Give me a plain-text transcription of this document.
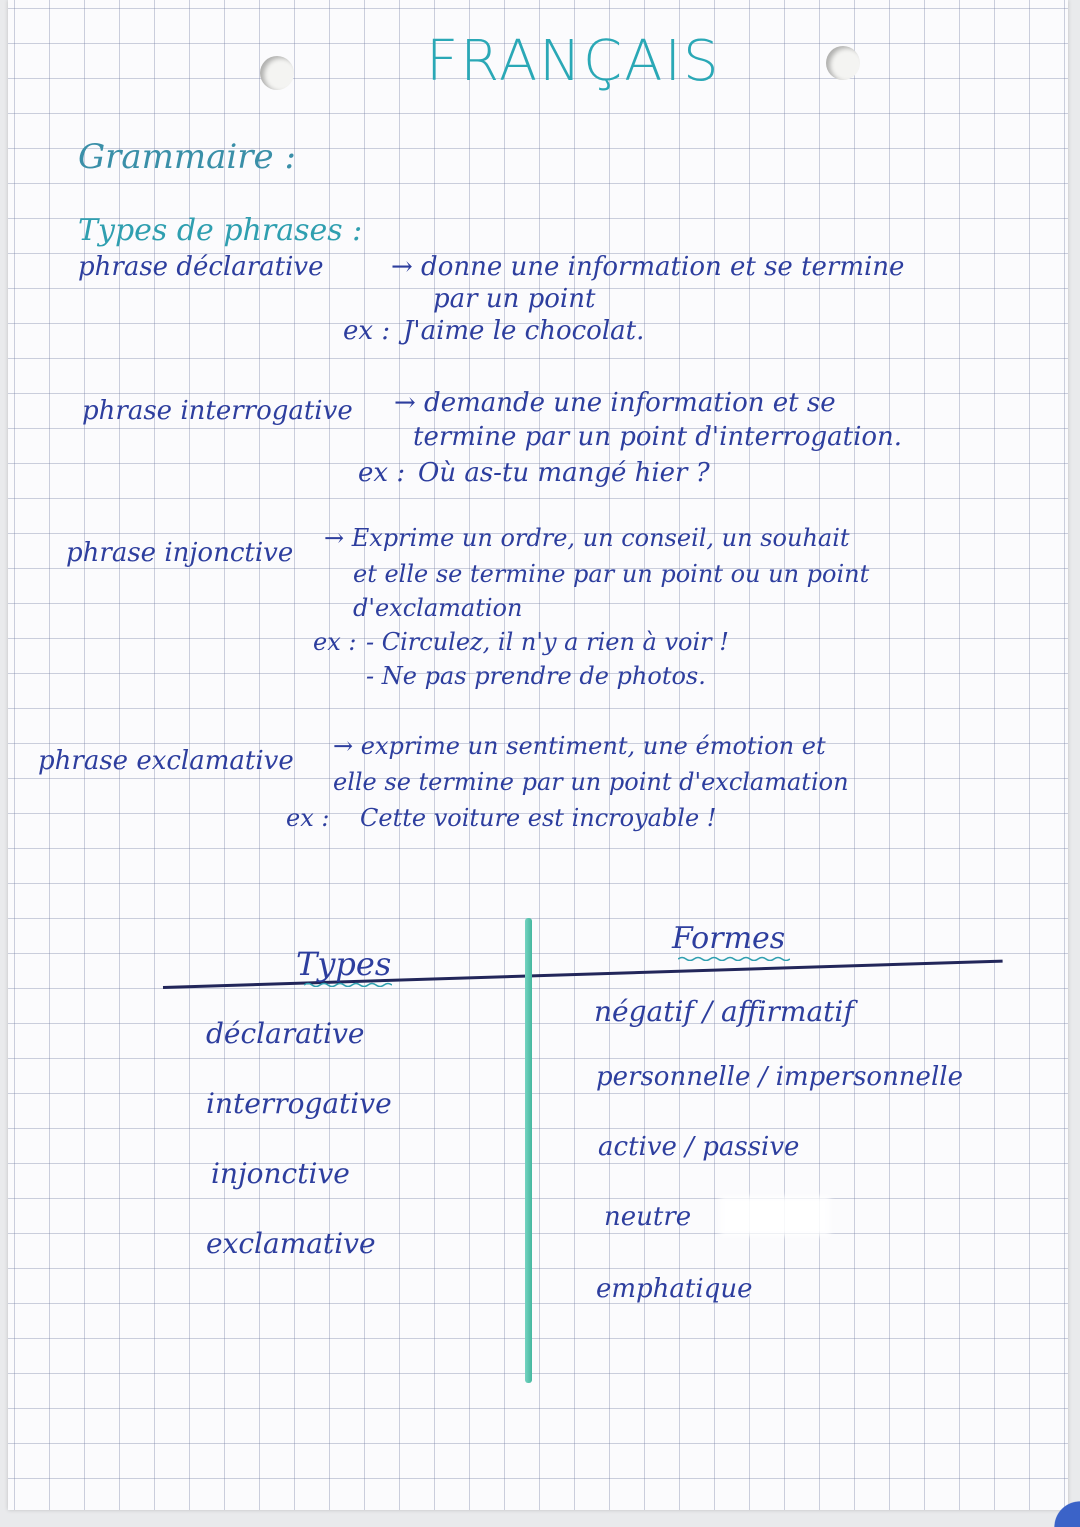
FRANÇAIS
Grammaire :
Types de phrases :
phrase déclarative	→ donne une information et se termine
par un point
ex : J'aime le chocolat.
phrase interrogative → demande une information et se
termine par un point d'interrogation.
ex : Où as-tu mangé hier ?
phrase injonctive → Exprime un ordre, un conseil, un souhait
et elle se termine par un point ou un point
d'exclamation
ex : - Circulez, il n'y a rien à voir !
- Ne pas prendre de photos.
phrase exclamative → exprime un sentiment, une émotion et
elle se termine par un point d'exclamation
ex : Cette voiture est incroyable !
Types
Formes
déclarative
interrogative
injonctive
exclamative
négatif / affirmatif
personnelle / impersonnelle
active / passive
neutre
emphatique
